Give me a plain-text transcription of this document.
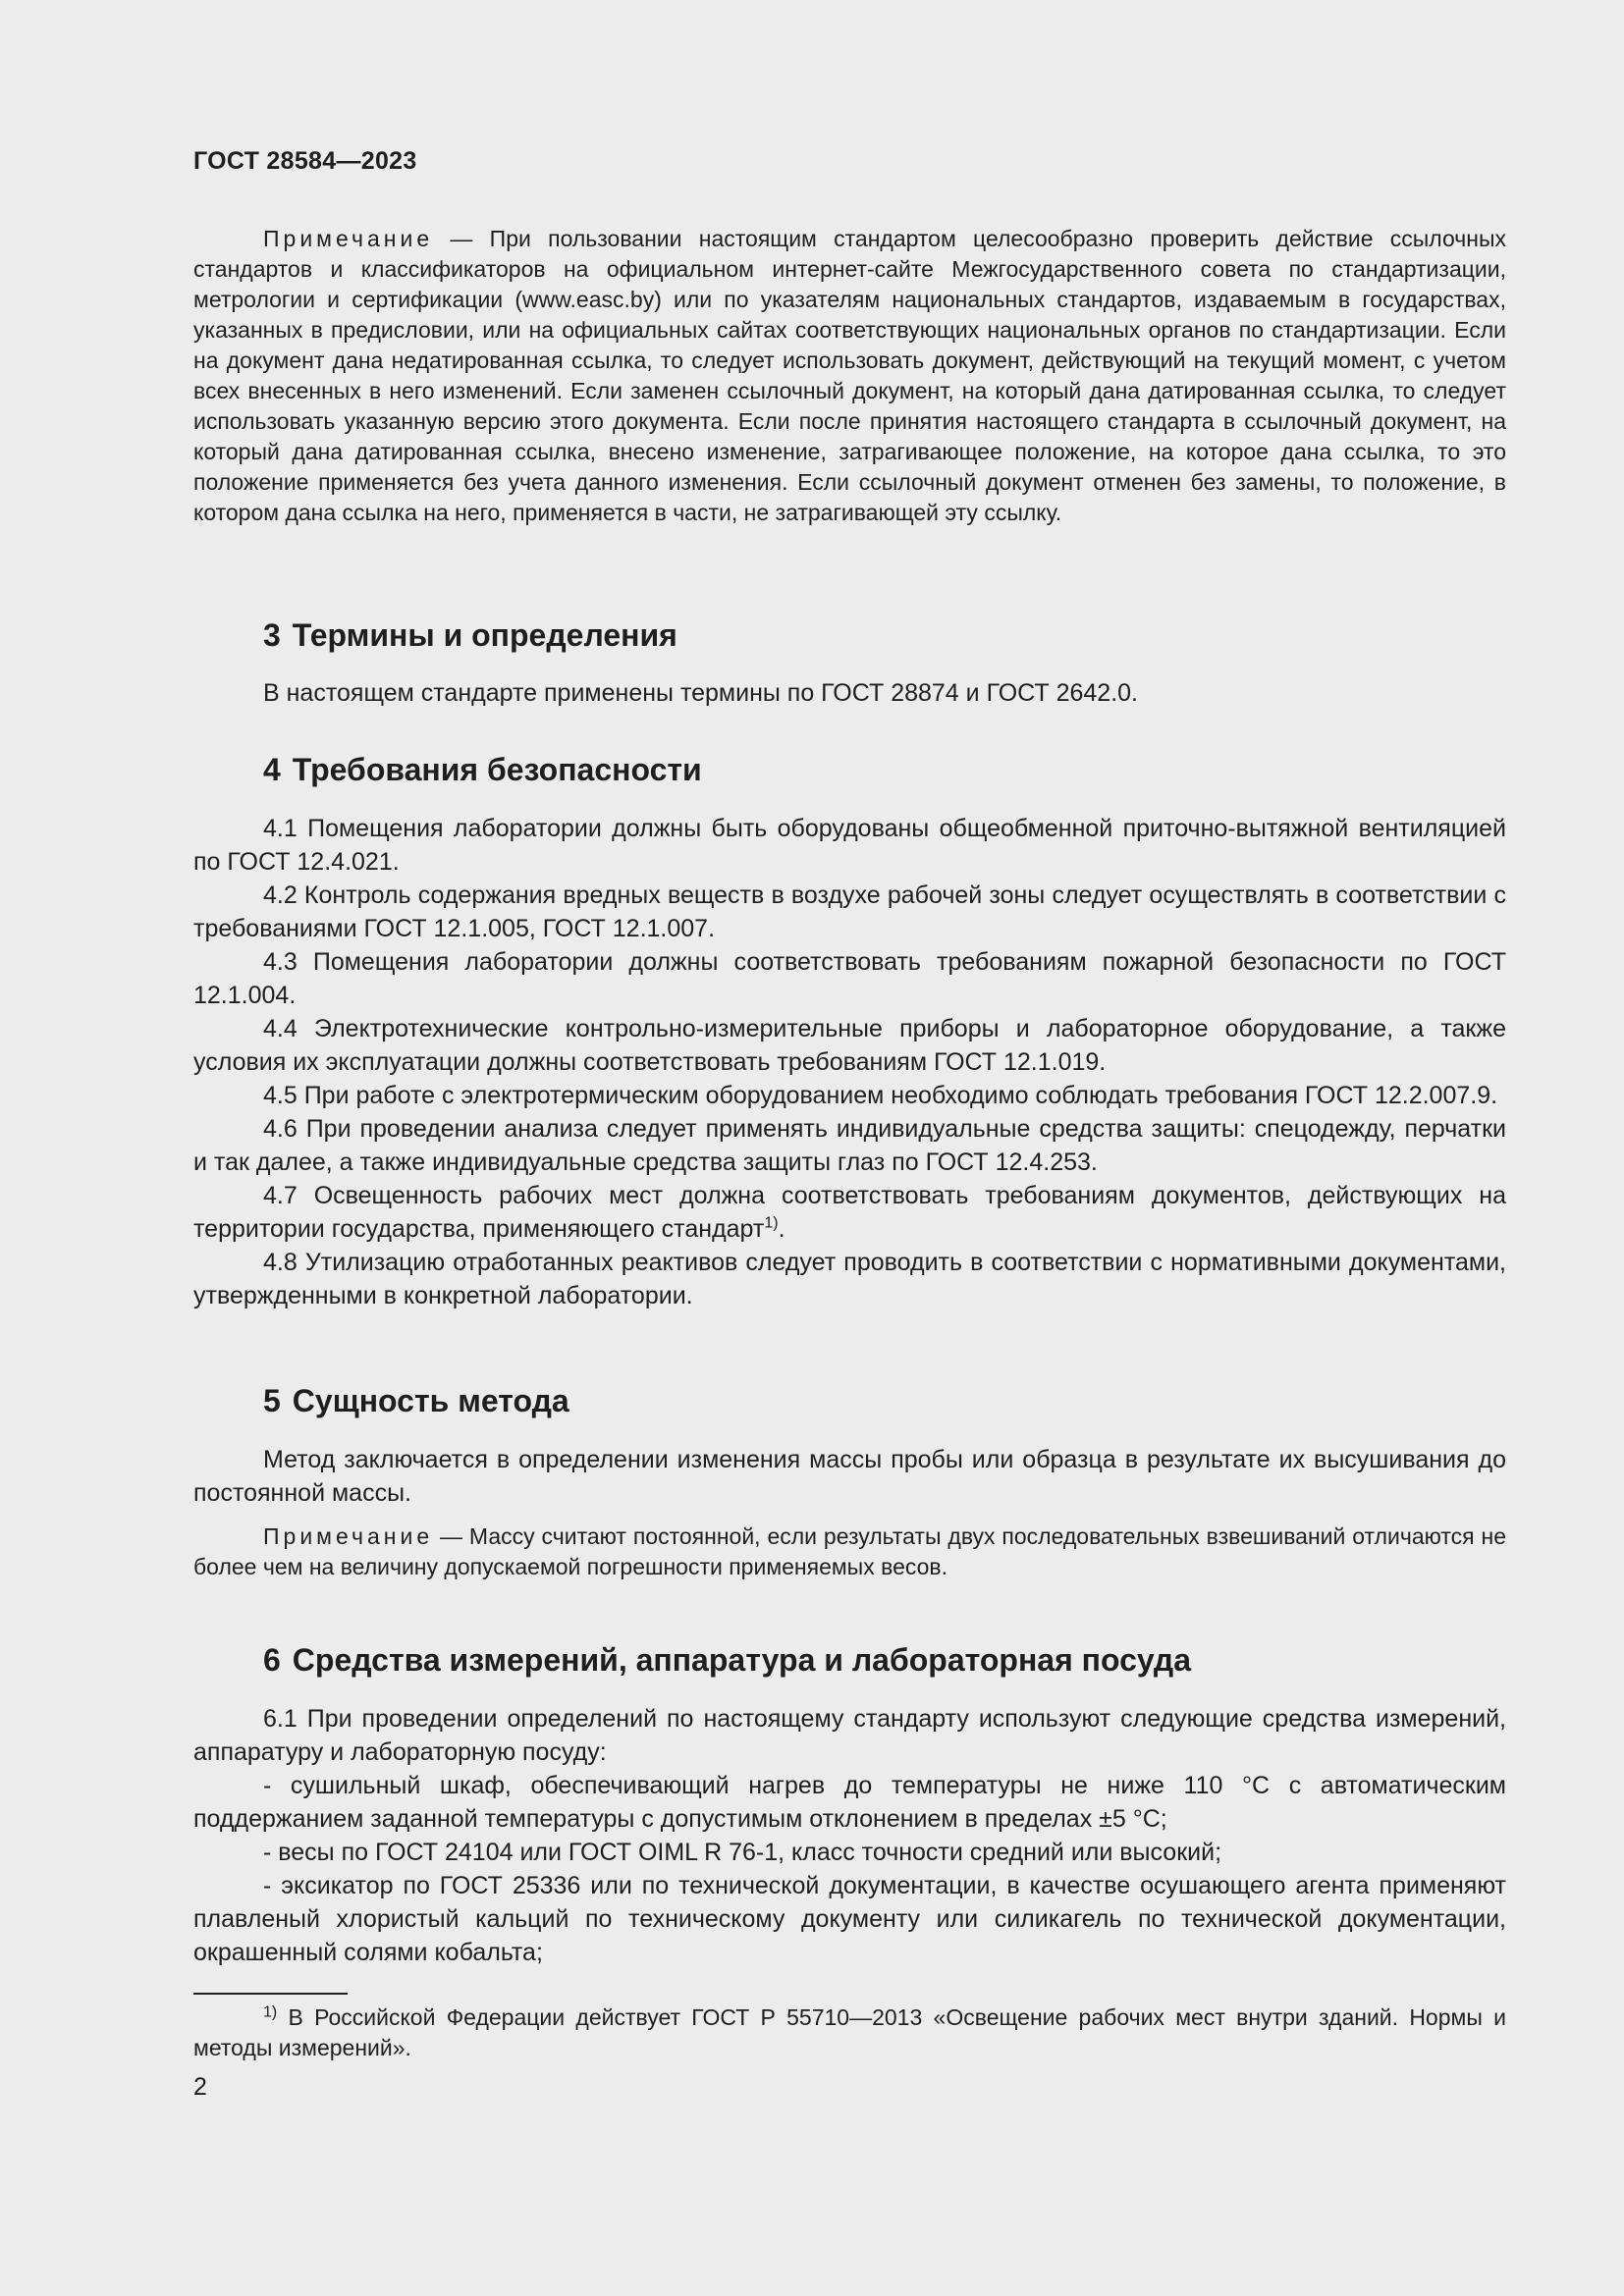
ГОСТ 28584—2023

Примечание — При пользовании настоящим стандартом целесообразно проверить действие ссылочных стандартов и классификаторов на официальном интернет-сайте Межгосударственного совета по стандартизации, метрологии и сертификации (www.easc.by) или по указателям национальных стандартов, издаваемым в государствах, указанных в предисловии, или на официальных сайтах соответствующих национальных органов по стандартизации. Если на документ дана недатированная ссылка, то следует использовать документ, действующий на текущий момент, с учетом всех внесенных в него изменений. Если заменен ссылочный документ, на который дана датированная ссылка, то следует использовать указанную версию этого документа. Если после принятия настоящего стандарта в ссылочный документ, на который дана датированная ссылка, внесено изменение, затрагивающее положение, на которое дана ссылка, то это положение применяется без учета данного изменения. Если ссылочный документ отменен без замены, то положение, в котором дана ссылка на него, применяется в части, не затрагивающей эту ссылку.

3 Термины и определения

В настоящем стандарте применены термины по ГОСТ 28874 и ГОСТ 2642.0.

4 Требования безопасности

4.1 Помещения лаборатории должны быть оборудованы общеобменной приточно-вытяжной вентиляцией по ГОСТ 12.4.021.

4.2 Контроль содержания вредных веществ в воздухе рабочей зоны следует осуществлять в соответствии с требованиями ГОСТ 12.1.005, ГОСТ 12.1.007.

4.3 Помещения лаборатории должны соответствовать требованиям пожарной безопасности по ГОСТ 12.1.004.

4.4 Электротехнические контрольно-измерительные приборы и лабораторное оборудование, а также условия их эксплуатации должны соответствовать требованиям ГОСТ 12.1.019.

4.5 При работе с электротермическим оборудованием необходимо соблюдать требования ГОСТ 12.2.007.9.

4.6 При проведении анализа следует применять индивидуальные средства защиты: спецодежду, перчатки и так далее, а также индивидуальные средства защиты глаз по ГОСТ 12.4.253.

4.7 Освещенность рабочих мест должна соответствовать требованиям документов, действующих на территории государства, применяющего стандарт$^{1)}$.

4.8 Утилизацию отработанных реактивов следует проводить в соответствии с нормативными документами, утвержденными в конкретной лаборатории.

5 Сущность метода

Метод заключается в определении изменения массы пробы или образца в результате их высушивания до постоянной массы.

Примечание — Массу считают постоянной, если результаты двух последовательных взвешиваний отличаются не более чем на величину допускаемой погрешности применяемых весов.

6 Средства измерений, аппаратура и лабораторная посуда

6.1 При проведении определений по настоящему стандарту используют следующие средства измерений, аппаратуру и лабораторную посуду:

- сушильный шкаф, обеспечивающий нагрев до температуры не ниже 110 °С с автоматическим поддержанием заданной температуры с допустимым отклонением в пределах ±5 °С;

- весы по ГОСТ 24104 или ГОСТ OIML R 76-1, класс точности средний или высокий;

- эксикатор по ГОСТ 25336 или по технической документации, в качестве осушающего агента применяют плавленый хлористый кальций по техническому документу или силикагель по технической документации, окрашенный солями кобальта;

$^{1)}$ В Российской Федерации действует ГОСТ Р 55710—2013 «Освещение рабочих мест внутри зданий. Нормы и методы измерений».

2
